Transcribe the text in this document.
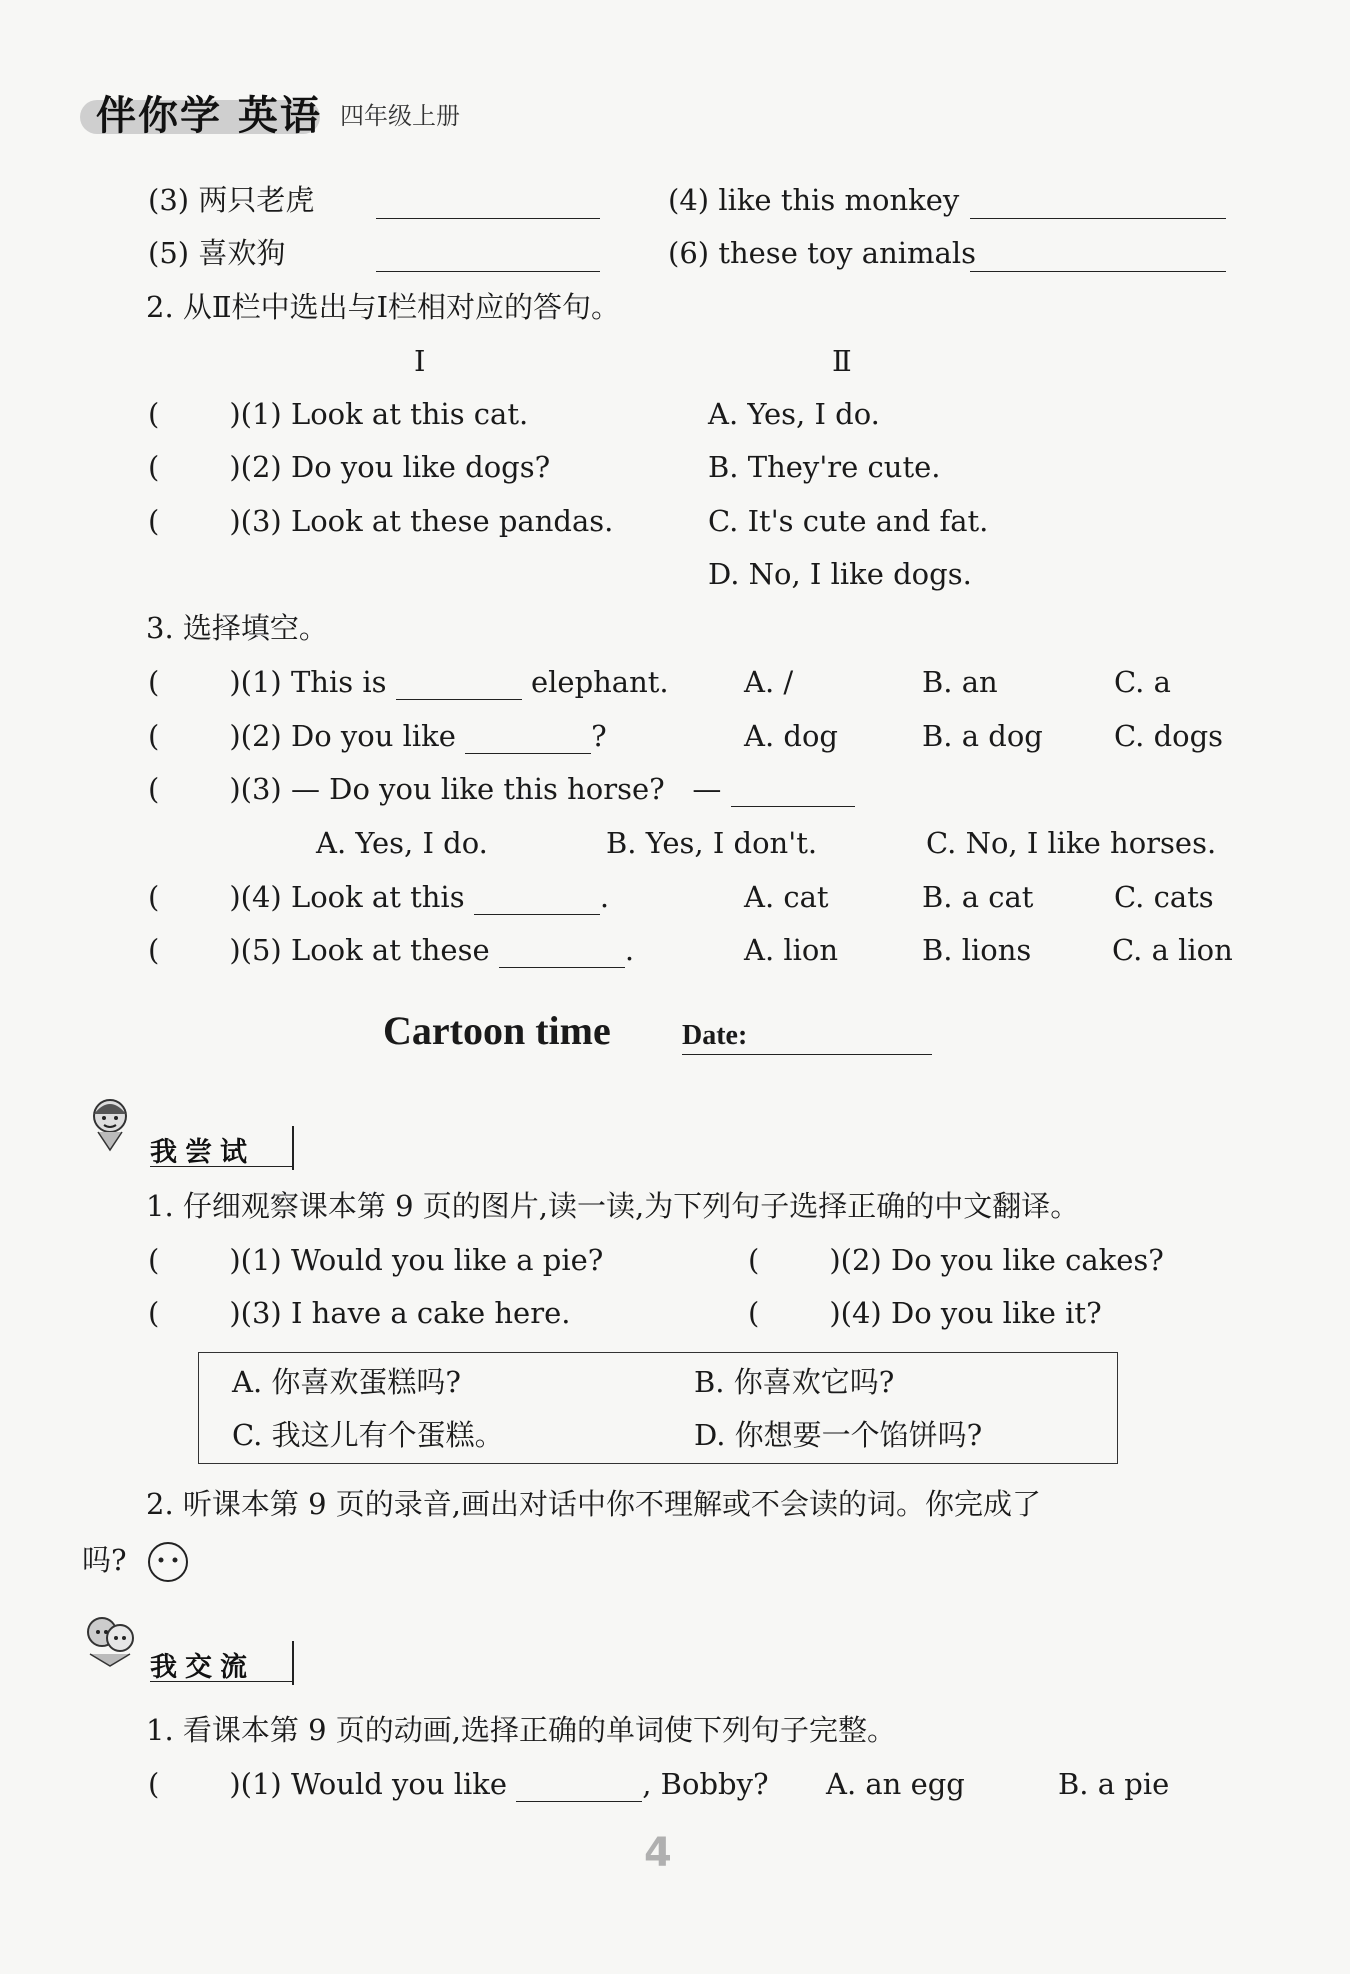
伴你学 英语 四年级上册
(3) 两只老虎	(4) like this monkey
(5) 喜欢狗	(6) these toy animals
2. 从Ⅱ栏中选出与Ⅰ栏相对应的答句。
Ⅰ	Ⅱ
( )(1) Look at this cat.	A. Yes, I do.
( )(2) Do you like dogs?	B. They're cute.
( )(3) Look at these pandas.	C. It's cute and fat.
D. No, I like dogs.
3. 选择填空。
( )(1) This is	elephant.	A. /	B. an	C. a
( )(2) Do you like	?	A. dog	B. a dog C. dogs
( )(3) — Do you like this horse? —
A. Yes, I do.	B. Yes, I don't.	C. No, I like horses.
( )(4) Look at this	.	A. cat	B. a cat	C. cats
( )(5) Look at these	.	A. lion	B. lions	C. a lion
Cartoon time	Date:
我尝试
1. 仔细观察课本第 9 页的图片,读一读,为下列句子选择正确的中文翻译。
( )(1) Would you like a pie?	( )(2) Do you like cakes?
( )(3) I have a cake here.	( )(4) Do you like it?
A. 你喜欢蛋糕吗?	B. 你喜欢它吗?
C. 我这儿有个蛋糕。	D. 你想要一个馅饼吗?
2. 听课本第 9 页的录音,画出对话中你不理解或不会读的词。你完成了
吗?
我交流
1. 看课本第 9 页的动画,选择正确的单词使下列句子完整。
( )(1) Would you like	, Bobby? A. an egg	B. a pie
4
